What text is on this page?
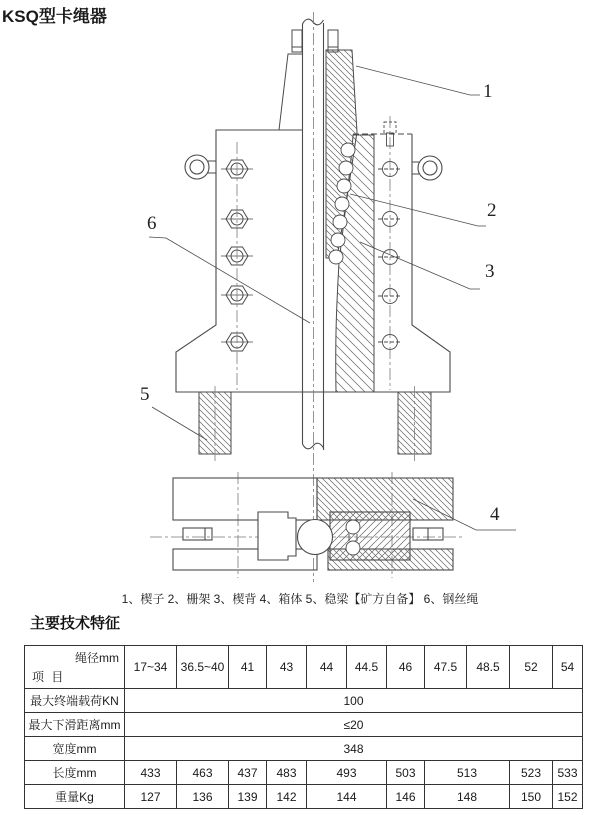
KSQ型卡绳器
1
2
3
4
5
6
1、楔子 2、栅架 3、楔背 4、箱体 5、稳梁【矿方自备】 6、钢丝绳
主要技术特征
绳径mm
项 目	17~34	36.5~40	41	43	44	44.5	46	47.5	48.5	52	54
最大终端载荷KN	100										
最大下滑距离mm	≤20										
宽度mm	348										
长度mm	433	463	437	483	493		503	513		523	533
重量Kg	127	136	139	142	144		146	148		150	152
